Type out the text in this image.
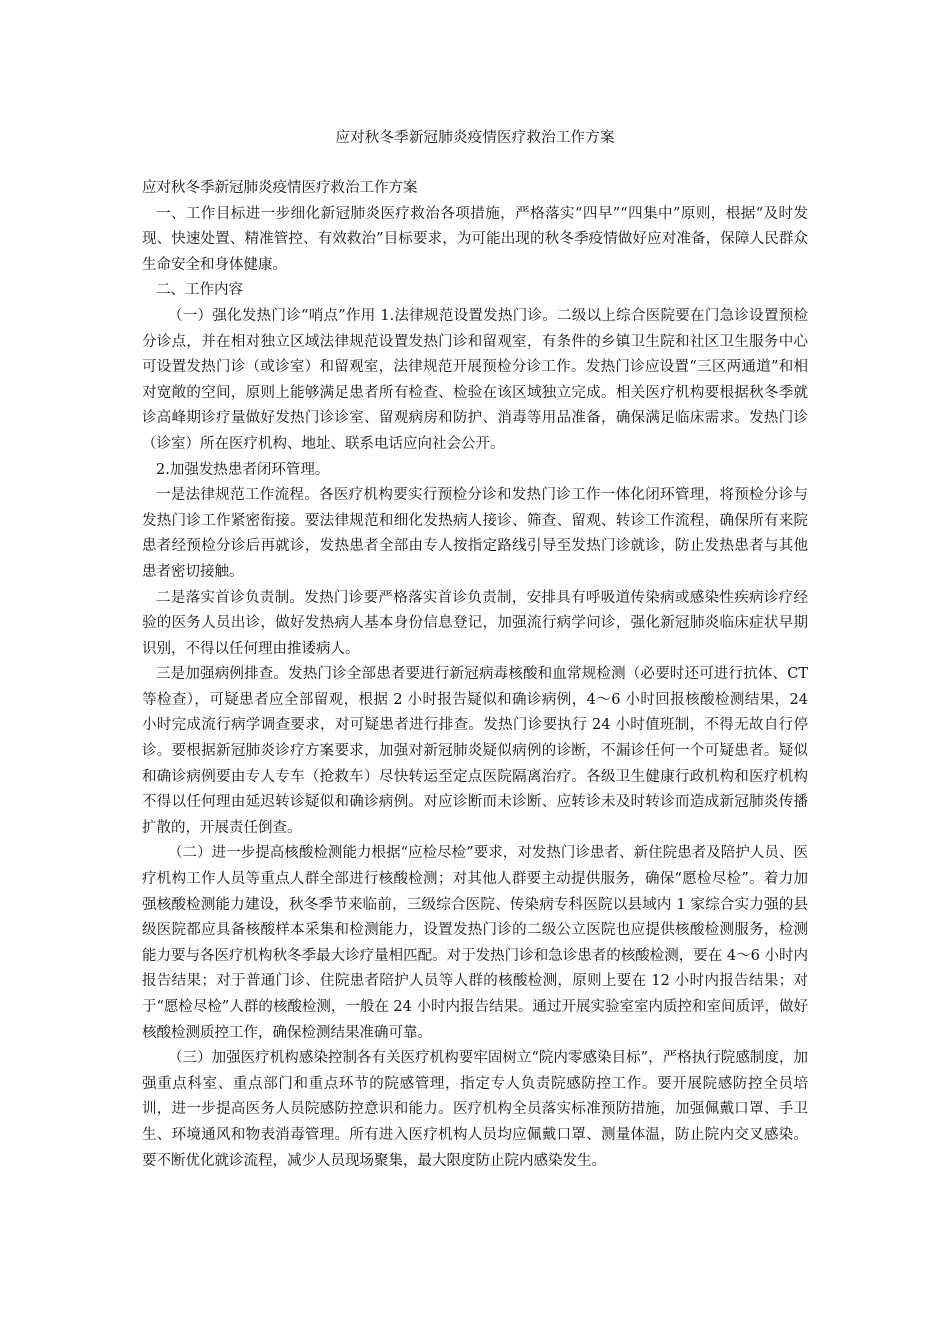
应对秋冬季新冠肺炎疫情医疗救治工作方案

应对秋冬季新冠肺炎疫情医疗救治工作方案

一、工作目标进一步细化新冠肺炎医疗救治各项措施，严格落实“四早”“四集中”原则，根据“及时发现、快速处置、精准管控、有效救治”目标要求，为可能出现的秋冬季疫情做好应对准备，保障人民群众生命安全和身体健康。

二、工作内容

（一）强化发热门诊“哨点”作用 1.法律规范设置发热门诊。二级以上综合医院要在门急诊设置预检分诊点，并在相对独立区域法律规范设置发热门诊和留观室，有条件的乡镇卫生院和社区卫生服务中心可设置发热门诊（或诊室）和留观室，法律规范开展预检分诊工作。发热门诊应设置“三区两通道”和相对宽敞的空间，原则上能够满足患者所有检查、检验在该区域独立完成。相关医疗机构要根据秋冬季就诊高峰期诊疗量做好发热门诊诊室、留观病房和防护、消毒等用品准备，确保满足临床需求。发热门诊（诊室）所在医疗机构、地址、联系电话应向社会公开。

2.加强发热患者闭环管理。

一是法律规范工作流程。各医疗机构要实行预检分诊和发热门诊工作一体化闭环管理，将预检分诊与发热门诊工作紧密衔接。要法律规范和细化发热病人接诊、筛查、留观、转诊工作流程，确保所有来院患者经预检分诊后再就诊，发热患者全部由专人按指定路线引导至发热门诊就诊，防止发热患者与其他患者密切接触。

二是落实首诊负责制。发热门诊要严格落实首诊负责制，安排具有呼吸道传染病或感染性疾病诊疗经验的医务人员出诊，做好发热病人基本身份信息登记，加强流行病学问诊，强化新冠肺炎临床症状早期识别，不得以任何理由推诿病人。

三是加强病例排查。发热门诊全部患者要进行新冠病毒核酸和血常规检测（必要时还可进行抗体、CT 等检查），可疑患者应全部留观，根据 2 小时报告疑似和确诊病例，4～6 小时回报核酸检测结果，24 小时完成流行病学调查要求，对可疑患者进行排查。发热门诊要执行 24 小时值班制，不得无故自行停诊。要根据新冠肺炎诊疗方案要求，加强对新冠肺炎疑似病例的诊断，不漏诊任何一个可疑患者。疑似和确诊病例要由专人专车（抢救车）尽快转运至定点医院隔离治疗。各级卫生健康行政机构和医疗机构不得以任何理由延迟转诊疑似和确诊病例。对应诊断而未诊断、应转诊未及时转诊而造成新冠肺炎传播扩散的，开展责任倒查。

（二）进一步提高核酸检测能力根据“应检尽检”要求，对发热门诊患者、新住院患者及陪护人员、医疗机构工作人员等重点人群全部进行核酸检测；对其他人群要主动提供服务，确保“愿检尽检”。着力加强核酸检测能力建设，秋冬季节来临前，三级综合医院、传染病专科医院以县域内 1 家综合实力强的县级医院都应具备核酸样本采集和检测能力，设置发热门诊的二级公立医院也应提供核酸检测服务，检测能力要与各医疗机构秋冬季最大诊疗量相匹配。对于发热门诊和急诊患者的核酸检测，要在 4～6 小时内报告结果；对于普通门诊、住院患者陪护人员等人群的核酸检测，原则上要在 12 小时内报告结果；对于“愿检尽检”人群的核酸检测，一般在 24 小时内报告结果。通过开展实验室室内质控和室间质评，做好核酸检测质控工作，确保检测结果准确可靠。

（三）加强医疗机构感染控制各有关医疗机构要牢固树立“院内零感染目标”，严格执行院感制度，加强重点科室、重点部门和重点环节的院感管理，指定专人负责院感防控工作。要开展院感防控全员培训，进一步提高医务人员院感防控意识和能力。医疗机构全员落实标准预防措施，加强佩戴口罩、手卫生、环境通风和物表消毒管理。所有进入医疗机构人员均应佩戴口罩、测量体温，防止院内交叉感染。要不断优化就诊流程，减少人员现场聚集，最大限度防止院内感染发生。
